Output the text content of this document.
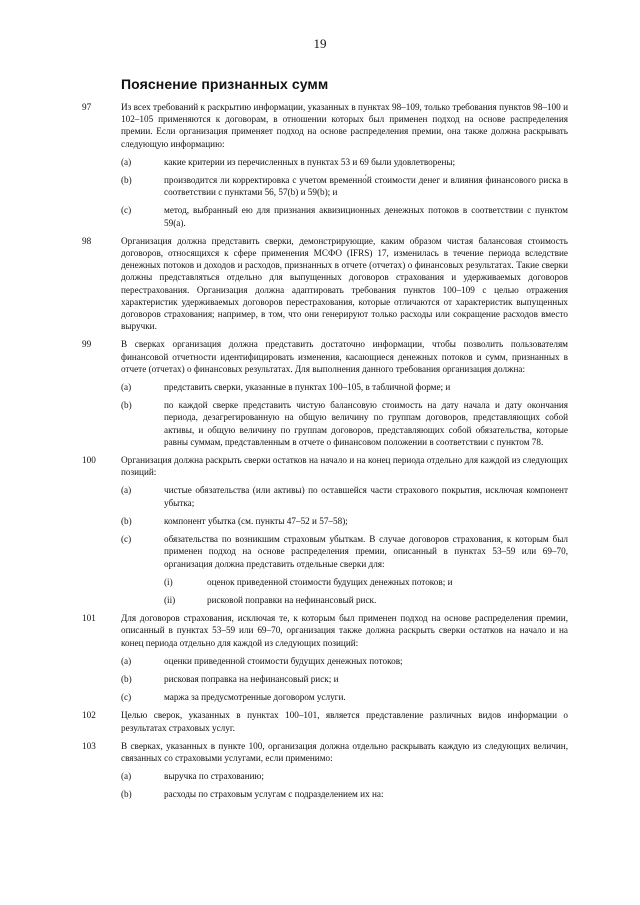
19
Пояснение признанных сумм
97	Из всех требований к раскрытию информации, указанных в пунктах 98–109, только требования пунктов 98–100 и 102–105 применяются к договорам, в отношении которых был применен подход на основе распределения премии. Если организация применяет подход на основе распределения премии, она также должна раскрывать следующую информацию:
(a)	какие критерии из перечисленных в пунктах 53 и 69 были удовлетворены;
(b)	производится ли корректировка с учетом временно́й стоимости денег и влияния финансового риска в соответствии с пунктами 56, 57(b) и 59(b); и
(c)	метод, выбранный ею для признания аквизиционных денежных потоков в соответствии с пунктом 59(a).
98	Организация должна представить сверки, демонстрирующие, каким образом чистая балансовая стоимость договоров, относящихся к сфере применения МСФО (IFRS) 17, изменилась в течение периода вследствие денежных потоков и доходов и расходов, признанных в отчете (отчетах) о финансовых результатах. Такие сверки должны представляться отдельно для выпущенных договоров страхования и удерживаемых договоров перестрахования. Организация должна адаптировать требования пунктов 100–109 с целью отражения характеристик удерживаемых договоров перестрахования, которые отличаются от характеристик выпущенных договоров страхования; например, в том, что они генерируют только расходы или сокращение расходов вместо выручки.
99	В сверках организация должна представить достаточно информации, чтобы позволить пользователям финансовой отчетности идентифицировать изменения, касающиеся денежных потоков и сумм, признанных в отчете (отчетах) о финансовых результатах. Для выполнения данного требования организация должна:
(a)	представить сверки, указанные в пунктах 100–105, в табличной форме; и
(b)	по каждой сверке представить чистую балансовую стоимость на дату начала и дату окончания периода, дезагрегированную на общую величину по группам договоров, представляющих собой активы, и общую величину по группам договоров, представляющих собой обязательства, которые равны суммам, представленным в отчете о финансовом положении в соответствии с пунктом 78.
100	Организация должна раскрыть сверки остатков на начало и на конец периода отдельно для каждой из следующих позиций:
(a)	чистые обязательства (или активы) по оставшейся части страхового покрытия, исключая компонент убытка;
(b)	компонент убытка (см. пункты 47–52 и 57–58);
(c)	обязательства по возникшим страховым убыткам. В случае договоров страхования, к которым был применен подход на основе распределения премии, описанный в пунктах 53–59 или 69–70, организация должна представить отдельные сверки для:
(i)	оценок приведенной стоимости будущих денежных потоков; и
(ii)	рисковой поправки на нефинансовый риск.
101	Для договоров страхования, исключая те, к которым был применен подход на основе распределения премии, описанный в пунктах 53–59 или 69–70, организация также должна раскрыть сверки остатков на начало и на конец периода отдельно для каждой из следующих позиций:
(a)	оценки приведенной стоимости будущих денежных потоков;
(b)	рисковая поправка на нефинансовый риск; и
(c)	маржа за предусмотренные договором услуги.
102	Целью сверок, указанных в пунктах 100–101, является представление различных видов информации о результатах страховых услуг.
103	В сверках, указанных в пункте 100, организация должна отдельно раскрывать каждую из следующих величин, связанных со страховыми услугами, если применимо:
(a)	выручка по страхованию;
(b)	расходы по страховым услугам с подразделением их на:
